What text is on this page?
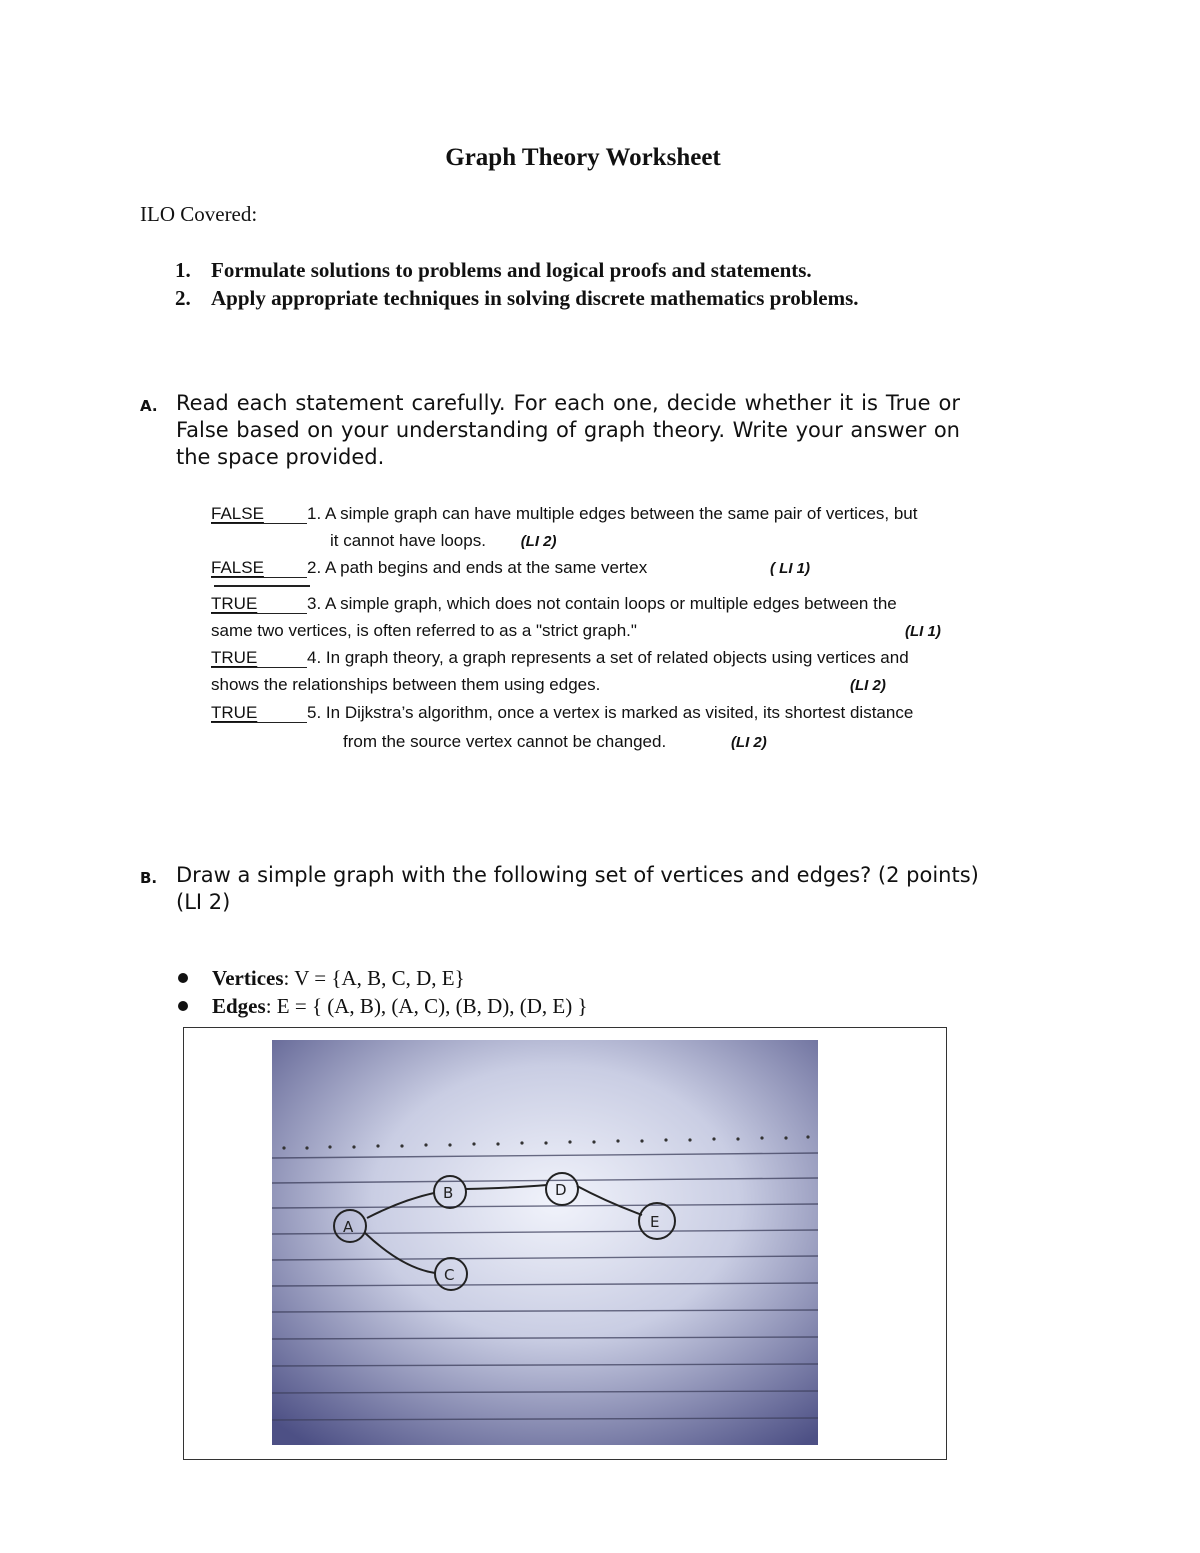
Graph Theory Worksheet
ILO Covered:
1. Formulate solutions to problems and logical proofs and statements.
2. Apply appropriate techniques in solving discrete mathematics problems.
A. Read each statement carefully. For each one, decide whether it is True or False based on your understanding of graph theory. Write your answer on the space provided.
FALSE	1. A simple graph can have multiple edges between the same pair of vertices, but
it cannot have loops. (LI 2)
FALSE	2. A path begins and ends at the same vertex	( LI 1)
TRUE	3. A simple graph, which does not contain loops or multiple edges between the
same two vertices, is often referred to as a "strict graph."	(LI 1)
TRUE	4. In graph theory, a graph represents a set of related objects using vertices and
shows the relationships between them using edges.	(LI 2)
TRUE	5. In Dijkstra’s algorithm, once a vertex is marked as visited, its shortest distance
from the source vertex cannot be changed.	(LI 2)
B. Draw a simple graph with the following set of vertices and edges? (2 points)
(LI 2)
Vertices : V = {A, B, C, D, E}
Edges : E = { (A, B), (A, C), (B, D), (D, E) }
A
B
C
D
E
